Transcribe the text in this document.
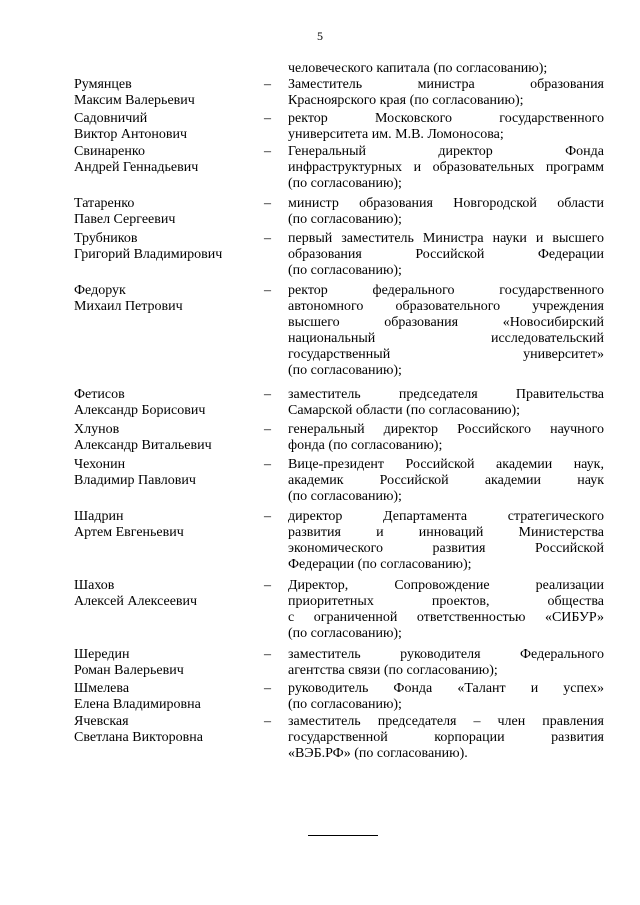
5
человеческого капитала (по согласованию);
Румянцев
Максим Валерьевич
– Заместитель министра образования
Красноярского края (по согласованию);
Садовничий
Виктор Антонович
– ректор Московского государственного
университета им. М.В. Ломоносова;
Свинаренко
Андрей Геннадьевич
– Генеральный директор Фонда
инфраструктурных и образовательных программ
(по согласованию);
Татаренко
Павел Сергеевич
– министр образования Новгородской области
(по согласованию);
Трубников
Григорий Владимирович
– первый заместитель Министра науки и высшего
образования Российской Федерации
(по согласованию);
Федорук
Михаил Петрович
– ректор федерального государственного
автономного образовательного учреждения
высшего образования «Новосибирский
национальный исследовательский
государственный университет»
(по согласованию);
Фетисов
Александр Борисович
– заместитель председателя Правительства
Самарской области (по согласованию);
Хлунов
Александр Витальевич
– генеральный директор Российского научного
фонда (по согласованию);
Чехонин
Владимир Павлович
– Вице-президент Российской академии наук,
академик Российской академии наук
(по согласованию);
Шадрин
Артем Евгеньевич
– директор Департамента стратегического
развития и инноваций Министерства
экономического развития Российской
Федерации (по согласованию);
Шахов
Алексей Алексеевич
– Директор, Сопровождение реализации
приоритетных проектов, общества
с ограниченной ответственностью «СИБУР»
(по согласованию);
Шередин
Роман Валерьевич
– заместитель руководителя Федерального
агентства связи (по согласованию);
Шмелева
Елена Владимировна
– руководитель Фонда «Талант и успех»
(по согласованию);
Ячевская
Светлана Викторовна
– заместитель председателя – член правления
государственной корпорации развития
«ВЭБ.РФ» (по согласованию).
